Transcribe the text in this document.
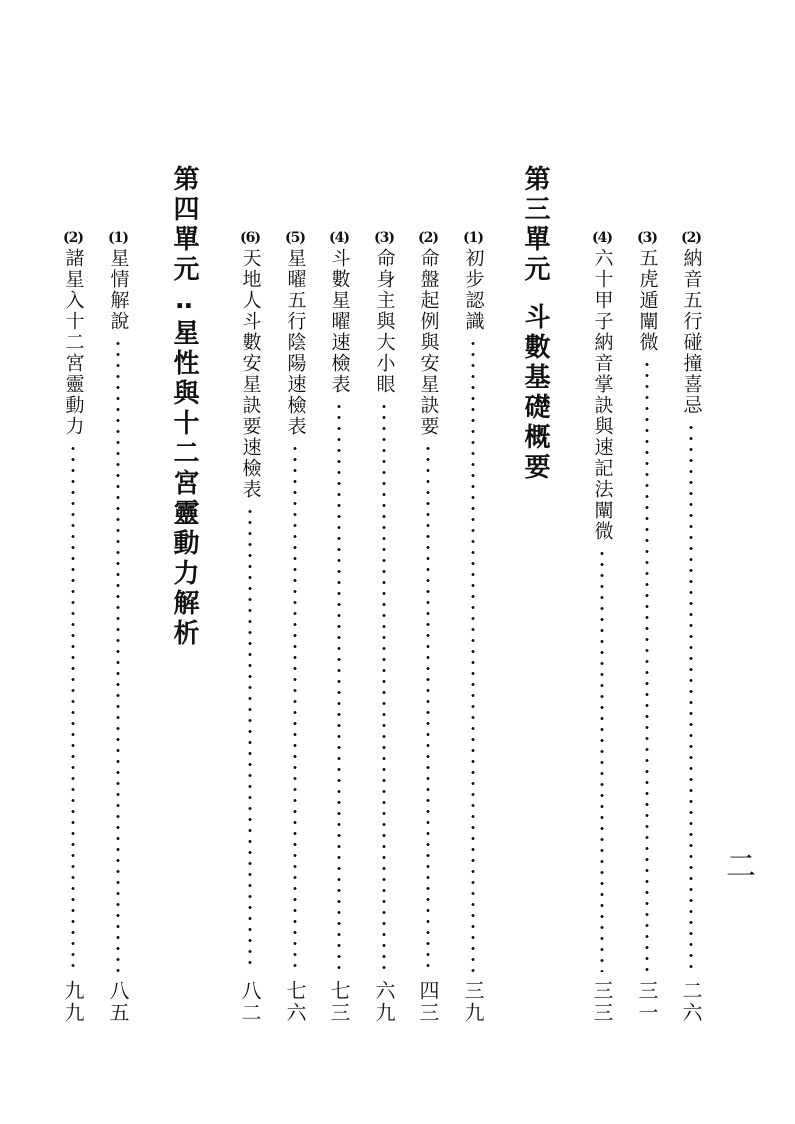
二
(2)
納音五行碰撞喜忌
二六
(3)
五虎遁闡微
三一
(4)
六十甲子納音掌訣與速記法闡微
三三
第三單元斗數基礎概要
(1)
初步認識
三九
(2)
命盤起例與安星訣要
四三
(3)
命身主與大小眼
六九
(4)
斗數星曜速檢表
七三
(5)
星曜五行陰陽速檢表
七六
(6)
天地人斗數安星訣要速檢表
八二
第四單元‥星性與十二宮靈動力解析
(1)
星情解說
八五
(2)
諸星入十二宮靈動力
九九
